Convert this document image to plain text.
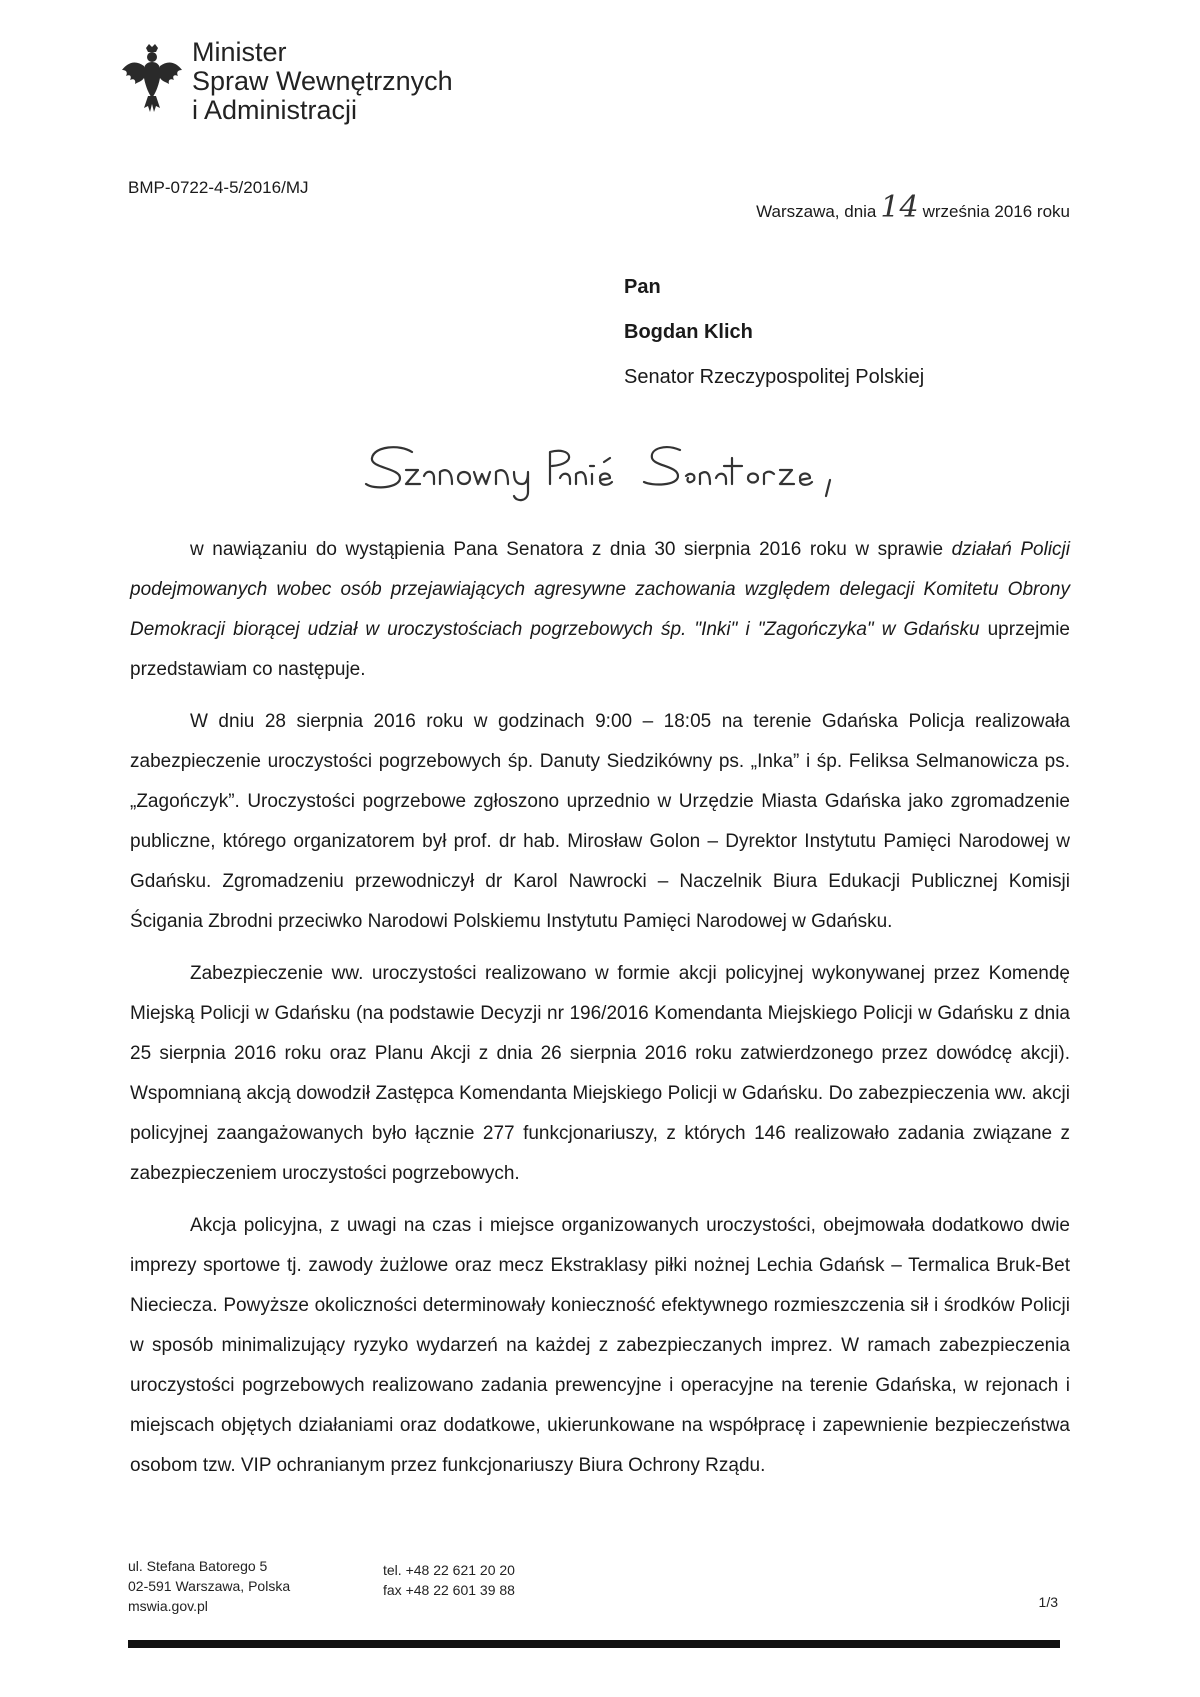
Minister
Spraw Wewnętrznych
i Administracji
BMP-0722-4-5/2016/MJ
Warszawa, dnia 14 września 2016 roku
Pan
Bogdan Klich
Senator Rzeczypospolitej Polskiej

w nawiązaniu do wystąpienia Pana Senatora z dnia 30 sierpnia 2016 roku w sprawie działań Policji podejmowanych wobec osób przejawiających agresywne zachowania względem delegacji Komitetu Obrony Demokracji biorącej udział w uroczystościach pogrzebowych śp. "Inki" i "Zagończyka" w Gdańsku uprzejmie przedstawiam co następuje.

W dniu 28 sierpnia 2016 roku w godzinach 9:00 – 18:05 na terenie Gdańska Policja realizowała zabezpieczenie uroczystości pogrzebowych śp. Danuty Siedzikówny ps. „Inka” i śp. Feliksa Selmanowicza ps. „Zagończyk”. Uroczystości pogrzebowe zgłoszono uprzednio w Urzędzie Miasta Gdańska jako zgromadzenie publiczne, którego organizatorem był prof. dr hab. Mirosław Golon – Dyrektor Instytutu Pamięci Narodowej w Gdańsku. Zgromadzeniu przewodniczył dr Karol Nawrocki – Naczelnik Biura Edukacji Publicznej Komisji Ścigania Zbrodni przeciwko Narodowi Polskiemu Instytutu Pamięci Narodowej w Gdańsku.

Zabezpieczenie ww. uroczystości realizowano w formie akcji policyjnej wykonywanej przez Komendę Miejską Policji w Gdańsku (na podstawie Decyzji nr 196/2016 Komendanta Miejskiego Policji w Gdańsku z dnia 25 sierpnia 2016 roku oraz Planu Akcji z dnia 26 sierpnia 2016 roku zatwierdzonego przez dowódcę akcji). Wspomnianą akcją dowodził Zastępca Komendanta Miejskiego Policji w Gdańsku. Do zabezpieczenia ww. akcji policyjnej zaangażowanych było łącznie 277 funkcjonariuszy, z których 146 realizowało zadania związane z zabezpieczeniem uroczystości pogrzebowych.

Akcja policyjna, z uwagi na czas i miejsce organizowanych uroczystości, obejmowała dodatkowo dwie imprezy sportowe tj. zawody żużlowe oraz mecz Ekstraklasy piłki nożnej Lechia Gdańsk – Termalica Bruk-Bet Nieciecza. Powyższe okoliczności determinowały konieczność efektywnego rozmieszczenia sił i środków Policji w sposób minimalizujący ryzyko wydarzeń na każdej z zabezpieczanych imprez. W ramach zabezpieczenia uroczystości pogrzebowych realizowano zadania prewencyjne i operacyjne na terenie Gdańska, w rejonach i miejscach objętych działaniami oraz dodatkowe, ukierunkowane na współpracę i zapewnienie bezpieczeństwa osobom tzw. VIP ochranianym przez funkcjonariuszy Biura Ochrony Rządu.

ul. Stefana Batorego 5
02-591 Warszawa, Polska
mswia.gov.pl
tel. +48 22 621 20 20
fax +48 22 601 39 88
1/3
